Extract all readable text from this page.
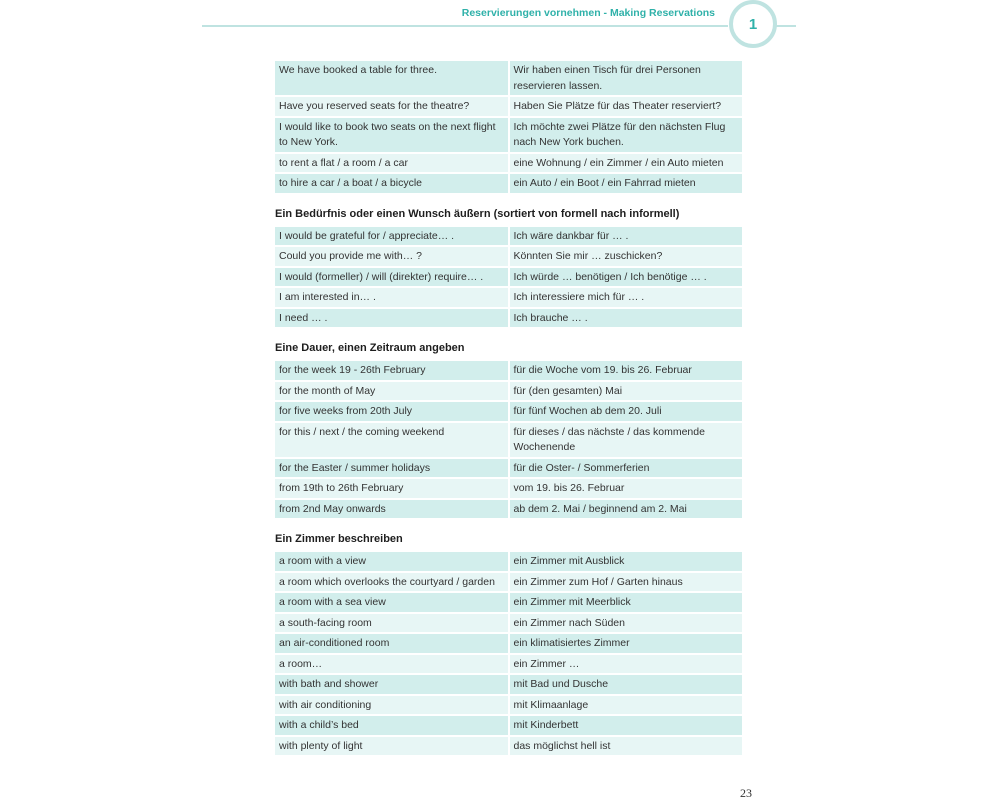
Reservierungen vornehmen - Making Reservations
1
We have booked a table for three.	Wir haben einen Tisch für drei Personen reservieren lassen.
Have you reserved seats for the theatre?	Haben Sie Plätze für das Theater reserviert?
I would like to book two seats on the next flight to New York.	Ich möchte zwei Plätze für den nächsten Flug nach New York buchen.
to rent a flat / a room / a car	eine Wohnung / ein Zimmer / ein Auto mieten
to hire a car / a boat / a bicycle	ein Auto / ein Boot / ein Fahrrad mieten
Ein Bedürfnis oder einen Wunsch äußern (sortiert von formell nach informell)
I would be grateful for / appreciate… .	Ich wäre dankbar für … .
Could you provide me with… ?	Könnten Sie mir … zuschicken?
I would (formeller) / will (direkter) require… .	Ich würde … benötigen / Ich benötige … .
I am interested in… .	Ich interessiere mich für … .
I need … .	Ich brauche … .
Eine Dauer, einen Zeitraum angeben
for the week 19 - 26th February	für die Woche vom 19. bis 26. Februar
for the month of May	für (den gesamten) Mai
for five weeks from 20th July	für fünf Wochen ab dem 20. Juli
for this / next / the coming weekend	für dieses / das nächste / das kommende Wochenende
for the Easter / summer holidays	für die Oster- / Sommerferien
from 19th to 26th February	vom 19. bis 26. Februar
from 2nd May onwards	ab dem 2. Mai / beginnend am 2. Mai
Ein Zimmer beschreiben
a room with a view	ein Zimmer mit Ausblick
a room which overlooks the courtyard / garden	ein Zimmer zum Hof / Garten hinaus
a room with a sea view	ein Zimmer mit Meerblick
a south-facing room	ein Zimmer nach Süden
an air-conditioned room	ein klimatisiertes Zimmer
a room…	ein Zimmer …
with bath and shower	mit Bad und Dusche
with air conditioning	mit Klimaanlage
with a child’s bed	mit Kinderbett
with plenty of light	das möglichst hell ist
23
